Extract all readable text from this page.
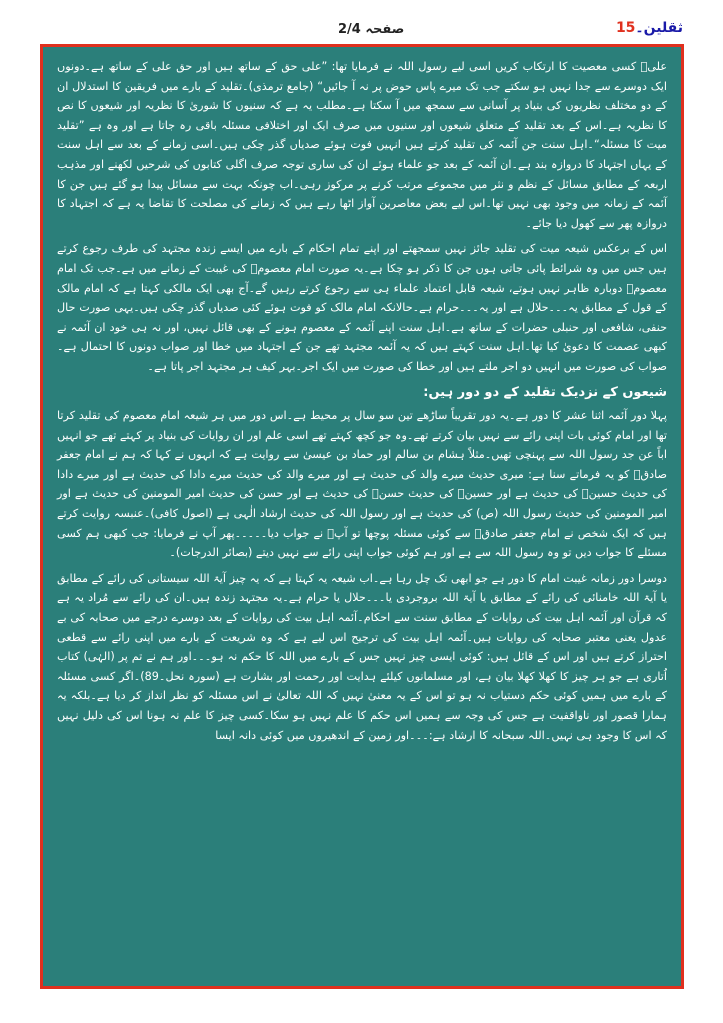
صفحہ 2/4	ثقلین۔15

علیؑ کسی معصیت کا ارتکاب کریں اسی لیے رسول اللہ نے فرمایا تھا: ”علی حق کے ساتھ ہیں اور حق علی کے ساتھ ہے۔دونوں ایک دوسرے سے جدا نہیں ہو سکتے جب تک میرے پاس حوض پر نہ آ جائیں“ (جامع ترمذی)۔تقلید کے بارے میں فریقین کا استدلال ان کے دو مختلف نظریوں کی بنیاد پر آسانی سے سمجھ میں آ سکتا ہے۔مطلب یہ ہے کہ سنیوں کا شوریٰ کا نظریہ اور شیعوں کا نص کا نظریہ ہے۔اس کے بعد تقلید کے متعلق شیعوں اور سنیوں میں صرف ایک اور اختلافی مسئلہ باقی رہ جاتا ہے اور وہ ہے ”تقلید میت کا مسئلہ“۔اہل سنت جن آئمہ کی تقلید کرتے ہیں انہیں فوت ہوئے صدیاں گذر چکی ہیں۔اسی زمانے کے بعد سے اہل سنت کے یہاں اجتہاد کا دروازہ بند ہے۔ان آئمہ کے بعد جو علماء ہوئے ان کی ساری توجہ صرف اگلی کتابوں کی شرحیں لکھنے اور مذہب اربعہ کے مطابق مسائل کے نظم و نثر میں مجموعے مرتب کرنے پر مرکوز رہی۔اب چونکہ بہت سے مسائل پیدا ہو گئے ہیں جن کا آئمہ کے زمانہ میں وجود بھی نہیں تھا۔اس لیے بعض معاصرین آواز اٹھا رہے ہیں کہ زمانے کی مصلحت کا تقاضا یہ ہے کہ اجتہاد کا دروازہ پھر سے کھول دیا جائے۔

اس کے برعکس شیعہ میت کی تقلید جائز نہیں سمجھتے اور اپنے تمام احکام کے بارے میں ایسے زندہ مجتہد کی طرف رجوع کرتے ہیں جس میں وہ شرائط پائی جاتی ہوں جن کا ذکر ہو چکا ہے۔یہ صورت امام معصومؑ کی غیبت کے زمانے میں ہے۔جب تک امام معصومؑ دوبارہ ظاہر نہیں ہوتے، شیعہ قابل اعتماد علماء ہی سے رجوع کرتے رہیں گے۔آج بھی ایک مالکی کہتا ہے کہ امام مالک کے قول کے مطابق یہ۔۔۔حلال ہے اور یہ۔۔۔حرام ہے۔حالانکہ امام مالک کو فوت ہوئے کئی صدیاں گذر چکی ہیں۔یہی صورت حال حنفی، شافعی اور حنبلی حضرات کے ساتھ ہے۔اہل سنت اپنے آئمہ کے معصوم ہونے کے بھی قائل نہیں، اور نہ ہی خود ان آئمہ نے کبھی عصمت کا دعویٰ کیا تھا۔اہل سنت کہتے ہیں کہ یہ آئمہ مجتہد تھے جن کے اجتہاد میں خطا اور صواب دونوں کا احتمال ہے۔صواب کی صورت میں انہیں دو اجر ملتے ہیں اور خطا کی صورت میں ایک اجر۔بہر کیف ہر مجتہد اجر پاتا ہے۔

شیعوں کے نزدیک تقلید کے دو دور ہیں:

پہلا دور آئمہ اثنا عشر کا دور ہے۔یہ دور تقریباً ساڑھے تین سو سال پر محیط ہے۔اس دور میں ہر شیعہ امام معصوم کی تقلید کرتا تھا اور امام کوئی بات اپنی رائے سے نہیں بیان کرتے تھے۔وہ جو کچھ کہتے تھے اسی علم اور ان روایات کی بنیاد پر کہتے تھے جو انہیں اباً عن جد رسول اللہ سے پہنچی تھیں۔مثلاً ہشام بن سالم اور حماد بن عیسیٰ سے روایت ہے کہ انہوں نے کہا کہ ہم نے امام جعفر صادقؑ کو یہ فرماتے سنا ہے: میری حدیث میرے والد کی حدیث ہے اور میرے والد کی حدیث میرے دادا کی حدیث ہے اور میرے دادا کی حدیث حسینؑ کی حدیث ہے اور حسینؑ کی حدیث حسنؑ کی حدیث ہے اور حسن کی حدیث امیر المومنین کی حدیث ہے اور امیر المومنین کی حدیث رسول اللہ (ص) کی حدیث ہے اور رسول اللہ کی حدیث ارشاد الٰہی ہے (اصول کافی)۔عنبسہ روایت کرتے ہیں کہ ایک شخص نے امام جعفر صادقؑ سے کوئی مسئلہ پوچھا تو آپؑ نے جواب دیا۔۔۔۔۔پھر آپ نے فرمایا: جب کبھی ہم کسی مسئلے کا جواب دیں تو وہ رسول اللہ سے ہے اور ہم کوئی جواب اپنی رائے سے نہیں دیتے (بصائر الدرجات)۔

دوسرا دور زمانہ غیبت امام کا دور ہے جو ابھی تک چل رہا ہے۔اب شیعہ یہ کہتا ہے کہ یہ چیز آیۃ اللہ سیستانی کی رائے کے مطابق یا آیۃ اللہ خامنائی کی رائے کے مطابق یا آیۃ اللہ بروجردی یا۔۔۔حلال یا حرام ہے۔یہ مجتہد زندہ ہیں۔ان کی رائے سے مُراد یہ ہے کہ قرآن اور آئمہ اہل بیت کی روایات کے مطابق سنت سے احکام۔آئمہ اہل بیت کی روایات کے بعد دوسرے درجے میں صحابہ کی بے عدول یعنی معتبر صحابہ کی روایات ہیں۔آئمہ اہل بیت کی ترجیح اس لیے ہے کہ وہ شریعت کے بارے میں اپنی رائے سے قطعی احتراز کرتے ہیں اور اس کے قائل ہیں: کوئی ایسی چیز نہیں جس کے بارے میں اللہ کا حکم نہ ہو۔۔۔اور ہم نے تم پر (الہٰی) کتاب اُتاری ہے جو ہر چیز کا کھلا کھلا بیان ہے، اور مسلمانوں کیلئے ہدایت اور رحمت اور بشارت ہے (سورہ نحل۔89)۔اگر کسی مسئلہ کے بارے میں ہمیں کوئی حکم دستیاب نہ ہو تو اس کے یہ معنیٰ نہیں کہ اللہ تعالیٰ نے اس مسئلہ کو نظر انداز کر دیا ہے۔بلکہ یہ ہمارا قصور اور ناواقفیت ہے جس کی وجہ سے ہمیں اس حکم کا علم نہیں ہو سکا۔کسی چیز کا علم نہ ہونا اس کی دلیل نہیں کہ اس کا وجود ہی نہیں۔اللہ سبحانہ کا ارشاد ہے:۔۔۔اور زمین کے اندھیروں میں کوئی دانہ ایسا
